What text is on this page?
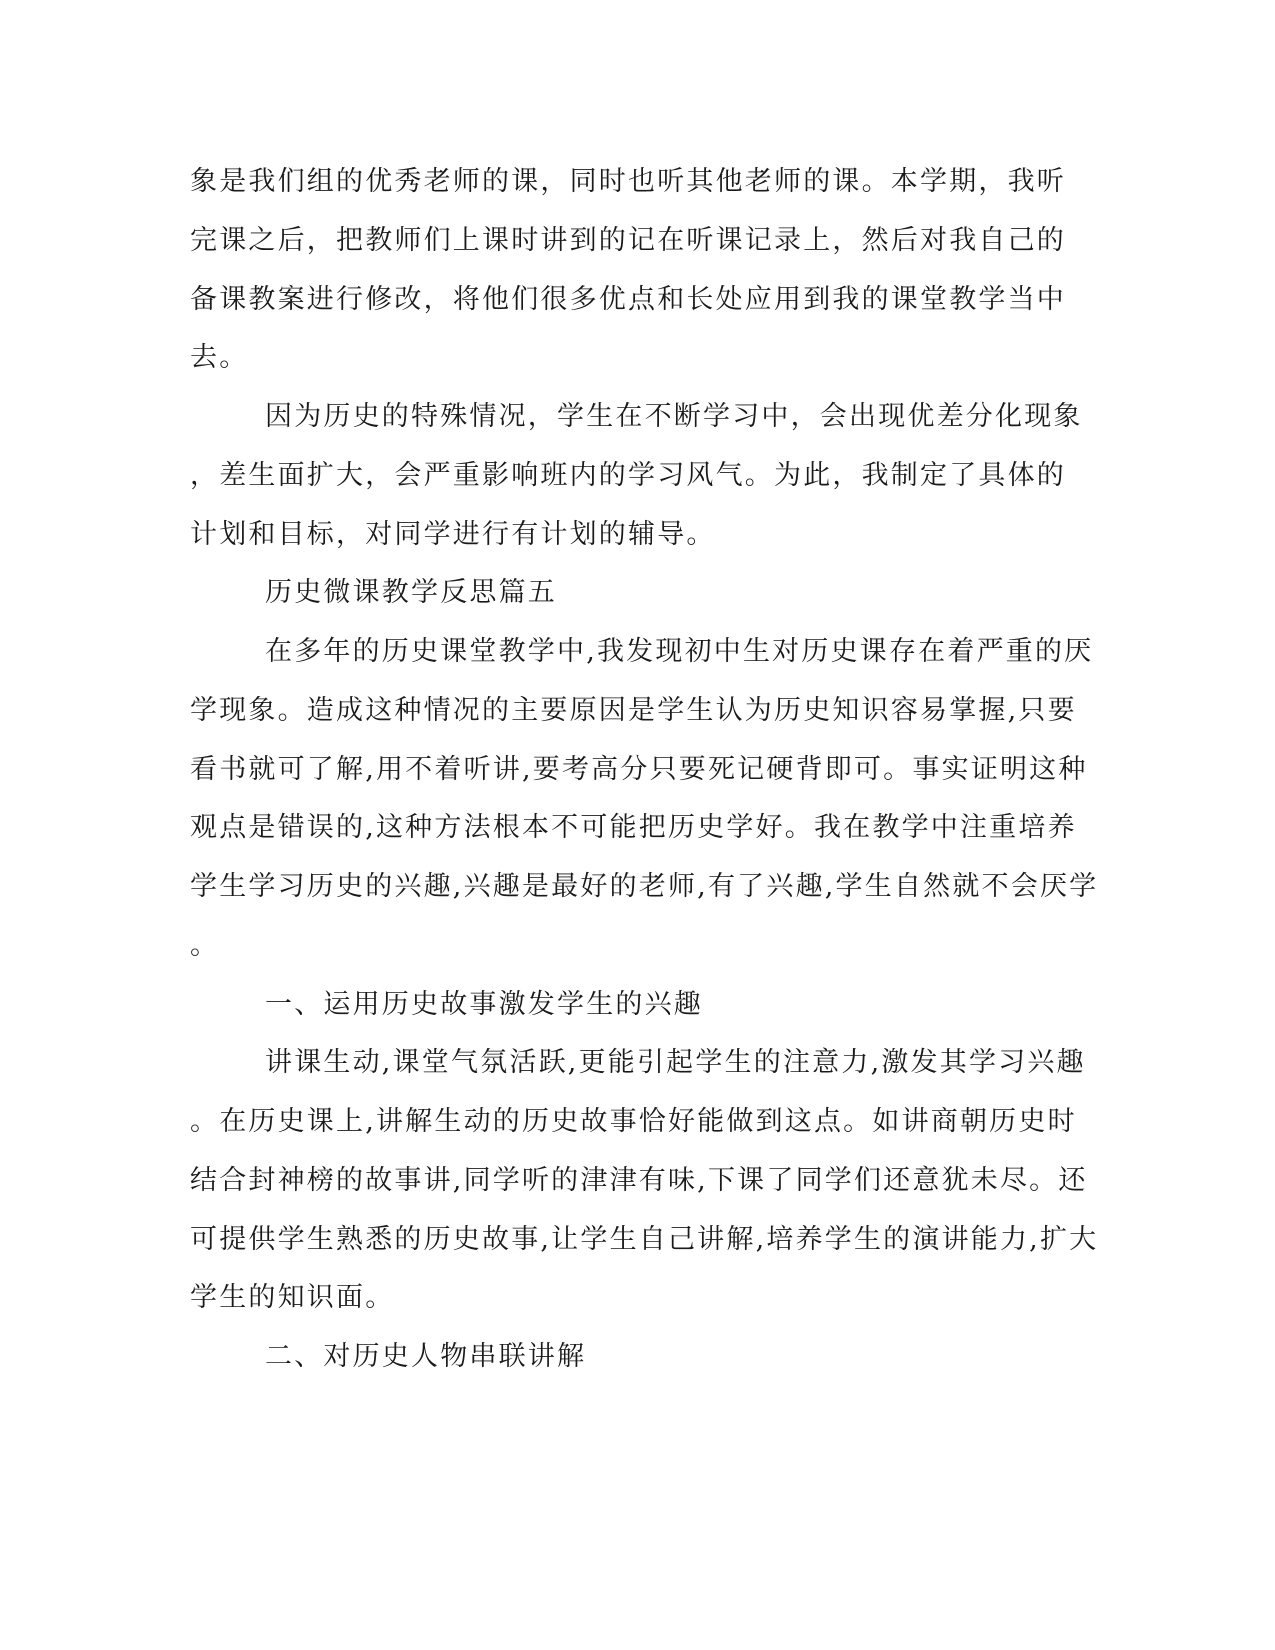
象是我们组的优秀老师的课，同时也听其他老师的课。本学期，我听

完课之后，把教师们上课时讲到的记在听课记录上，然后对我自己的

备课教案进行修改，将他们很多优点和长处应用到我的课堂教学当中

去。

因为历史的特殊情况，学生在不断学习中，会出现优差分化现象

，差生面扩大，会严重影响班内的学习风气。为此，我制定了具体的

计划和目标，对同学进行有计划的辅导。

历史微课教学反思篇五

在多年的历史课堂教学中,我发现初中生对历史课存在着严重的厌

学现象。造成这种情况的主要原因是学生认为历史知识容易掌握,只要

看书就可了解,用不着听讲,要考高分只要死记硬背即可。事实证明这种

观点是错误的,这种方法根本不可能把历史学好。我在教学中注重培养

学生学习历史的兴趣,兴趣是最好的老师,有了兴趣,学生自然就不会厌学

。

一、运用历史故事激发学生的兴趣

讲课生动,课堂气氛活跃,更能引起学生的注意力,激发其学习兴趣

。在历史课上,讲解生动的历史故事恰好能做到这点。如讲商朝历史时

结合封神榜的故事讲,同学听的津津有味,下课了同学们还意犹未尽。还

可提供学生熟悉的历史故事,让学生自己讲解,培养学生的演讲能力,扩大

学生的知识面。

二、对历史人物串联讲解
